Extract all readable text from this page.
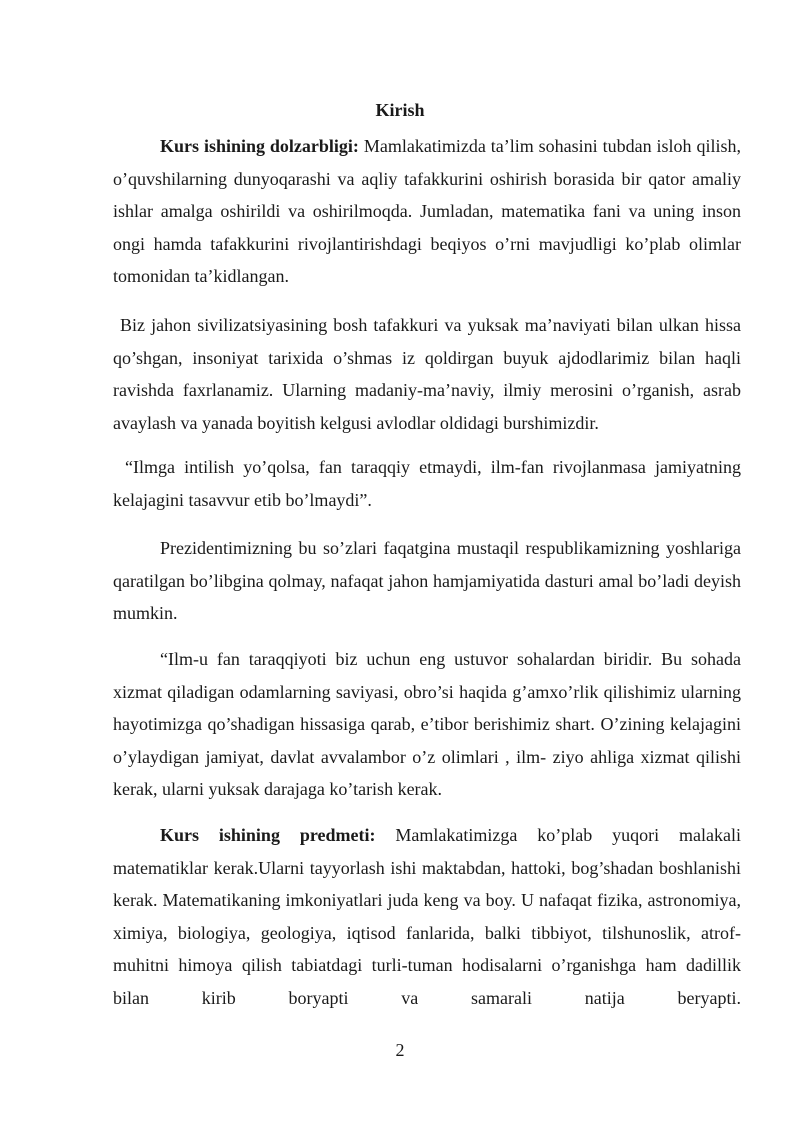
Kirish

Kurs ishining dolzarbligi: Mamlakatimizda ta’lim sohasini tubdan isloh qilish, o’quvshilarning dunyoqarashi va aqliy tafakkurini oshirish borasida bir qator amaliy ishlar amalga oshirildi va oshirilmoqda. Jumladan, matematika fani va uning inson ongi hamda tafakkurini rivojlantirishdagi beqiyos o’rni mavjudligi ko’plab olimlar tomonidan ta’kidlangan.

Biz jahon sivilizatsiyasining bosh tafakkuri va yuksak ma’naviyati bilan ulkan hissa qo’shgan, insoniyat tarixida o’shmas iz qoldirgan buyuk ajdodlarimiz bilan haqli ravishda faxrlanamiz. Ularning madaniy-ma’naviy, ilmiy merosini o’rganish, asrab avaylash va yanada boyitish kelgusi avlodlar oldidagi burshimizdir.

“Ilmga intilish yo’qolsa, fan taraqqiy etmaydi, ilm-fan rivojlanmasa jamiyatning kelajagini tasavvur etib bo’lmaydi”.

Prezidentimizning bu so’zlari faqatgina mustaqil respublikamizning yoshlariga qaratilgan bo’libgina qolmay, nafaqat jahon hamjamiyatida dasturi amal bo’ladi deyish mumkin.

“Ilm-u fan taraqqiyoti biz uchun eng ustuvor sohalardan biridir. Bu sohada xizmat qiladigan odamlarning saviyasi, obro’si haqida g’amxo’rlik qilishimiz ularning hayotimizga qo’shadigan hissasiga qarab, e’tibor berishimiz shart. O’zining kelajagini o’ylaydigan jamiyat, davlat avvalambor o’z olimlari , ilm- ziyo ahliga xizmat qilishi kerak, ularni yuksak darajaga ko’tarish kerak.

Kurs ishining predmeti: Mamlakatimizga ko’plab yuqori malakali matematiklar kerak.Ularni tayyorlash ishi maktabdan, hattoki, bog’shadan boshlanishi kerak. Matematikaning imkoniyatlari juda keng va boy. U nafaqat fizika, astronomiya, ximiya, biologiya, geologiya, iqtisod fanlarida, balki tibbiyot, tilshunoslik, atrof-muhitni himoya qilish tabiatdagi turli-tuman hodisalarni o’rganishga ham dadillik bilan kirib boryapti va samarali natija beryapti.

2
